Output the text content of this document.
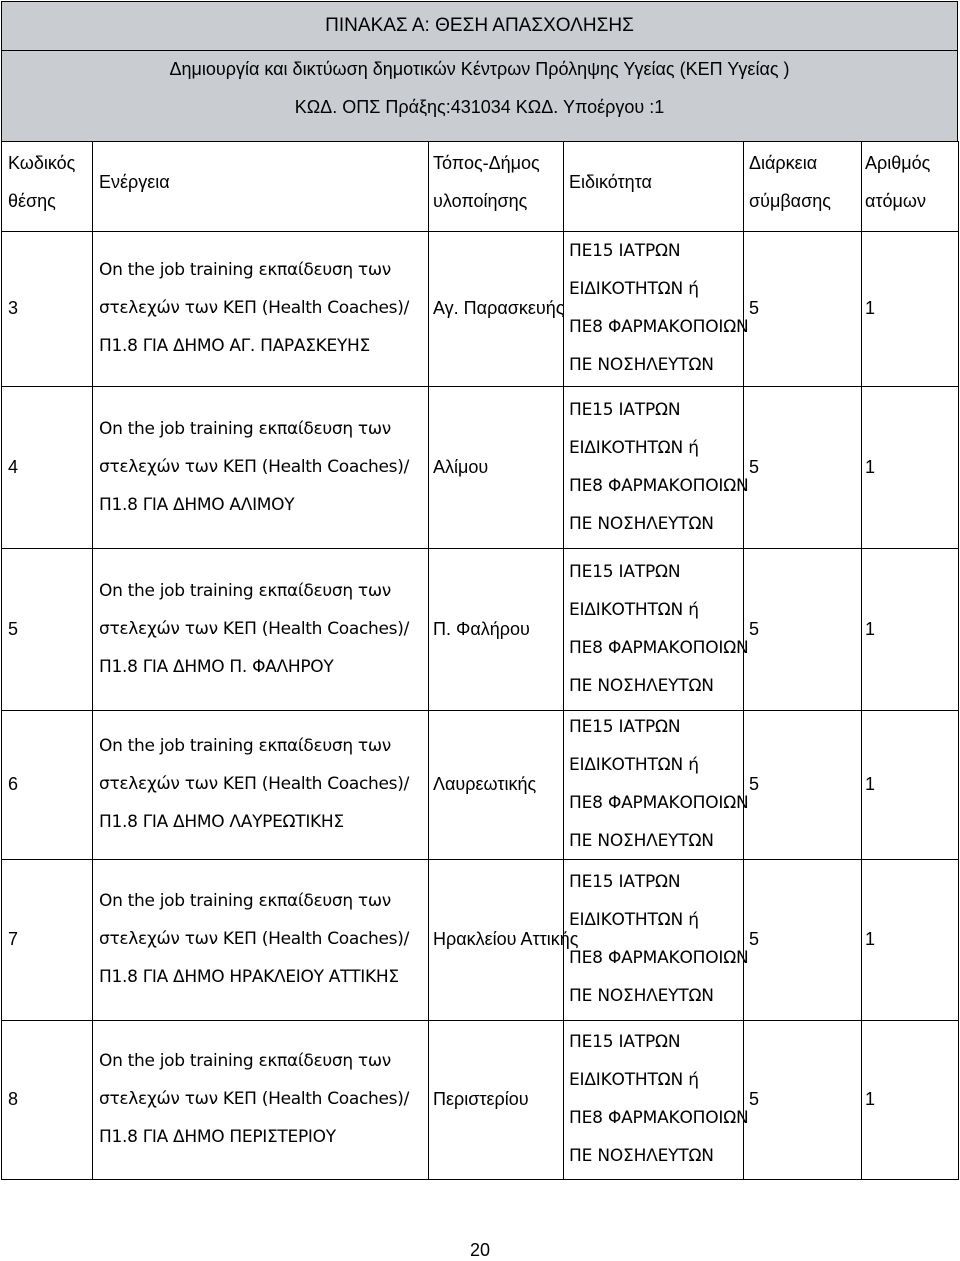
ΠΙΝΑΚΑΣ Α: ΘΕΣΗ ΑΠΑΣΧΟΛΗΣΗΣ
Δημιουργία και δικτύωση δημοτικών Κέντρων Πρόληψης Υγείας (ΚΕΠ Υγείας )
ΚΩΔ. ΟΠΣ Πράξης:431034 ΚΩΔ. Υποέργου :1
Κωδικός
θέσης	Ενέργεια	Τόπος-Δήμος
υλοποίησης	Ειδικότητα	Διάρκεια
σύμβασης	Αριθμός
ατόμων

3	On the job training εκπαίδευση των
στελεχών των ΚΕΠ (Health Coaches)/
Π1.8 ΓΙΑ ΔΗΜΟ ΑΓ. ΠΑΡΑΣΚΕΥΗΣ	Αγ. Παρασκευής	ΠΕ15 ΙΑΤΡΩΝ
ΕΙΔΙΚΟΤΗΤΩΝ ή
ΠΕ8 ΦΑΡΜΑΚΟΠΟΙΩΝ
ΠΕ ΝΟΣΗΛΕΥΤΩΝ	5	1

4	On the job training εκπαίδευση των
στελεχών των ΚΕΠ (Health Coaches)/
Π1.8 ΓΙΑ ΔΗΜΟ ΑΛΙΜΟΥ	Αλίμου	ΠΕ15 ΙΑΤΡΩΝ
ΕΙΔΙΚΟΤΗΤΩΝ ή
ΠΕ8 ΦΑΡΜΑΚΟΠΟΙΩΝ
ΠΕ ΝΟΣΗΛΕΥΤΩΝ	5	1

5	On the job training εκπαίδευση των
στελεχών των ΚΕΠ (Health Coaches)/
Π1.8 ΓΙΑ ΔΗΜΟ Π. ΦΑΛΗΡΟΥ	Π. Φαλήρου	ΠΕ15 ΙΑΤΡΩΝ
ΕΙΔΙΚΟΤΗΤΩΝ ή
ΠΕ8 ΦΑΡΜΑΚΟΠΟΙΩΝ
ΠΕ ΝΟΣΗΛΕΥΤΩΝ	5	1

6	On the job training εκπαίδευση των
στελεχών των ΚΕΠ (Health Coaches)/
Π1.8 ΓΙΑ ΔΗΜΟ ΛΑΥΡΕΩΤΙΚΗΣ	Λαυρεωτικής	ΠΕ15 ΙΑΤΡΩΝ
ΕΙΔΙΚΟΤΗΤΩΝ ή
ΠΕ8 ΦΑΡΜΑΚΟΠΟΙΩΝ
ΠΕ ΝΟΣΗΛΕΥΤΩΝ	5	1

7	On the job training εκπαίδευση των
στελεχών των ΚΕΠ (Health Coaches)/
Π1.8 ΓΙΑ ΔΗΜΟ ΗΡΑΚΛΕΙΟΥ ΑΤΤΙΚΗΣ	Ηρακλείου Αττικής	ΠΕ15 ΙΑΤΡΩΝ
ΕΙΔΙΚΟΤΗΤΩΝ ή
ΠΕ8 ΦΑΡΜΑΚΟΠΟΙΩΝ
ΠΕ ΝΟΣΗΛΕΥΤΩΝ	5	1

8	On the job training εκπαίδευση των
στελεχών των ΚΕΠ (Health Coaches)/
Π1.8 ΓΙΑ ΔΗΜΟ ΠΕΡΙΣΤΕΡΙΟΥ	Περιστερίου	ΠΕ15 ΙΑΤΡΩΝ
ΕΙΔΙΚΟΤΗΤΩΝ ή
ΠΕ8 ΦΑΡΜΑΚΟΠΟΙΩΝ
ΠΕ ΝΟΣΗΛΕΥΤΩΝ	5	1
20
